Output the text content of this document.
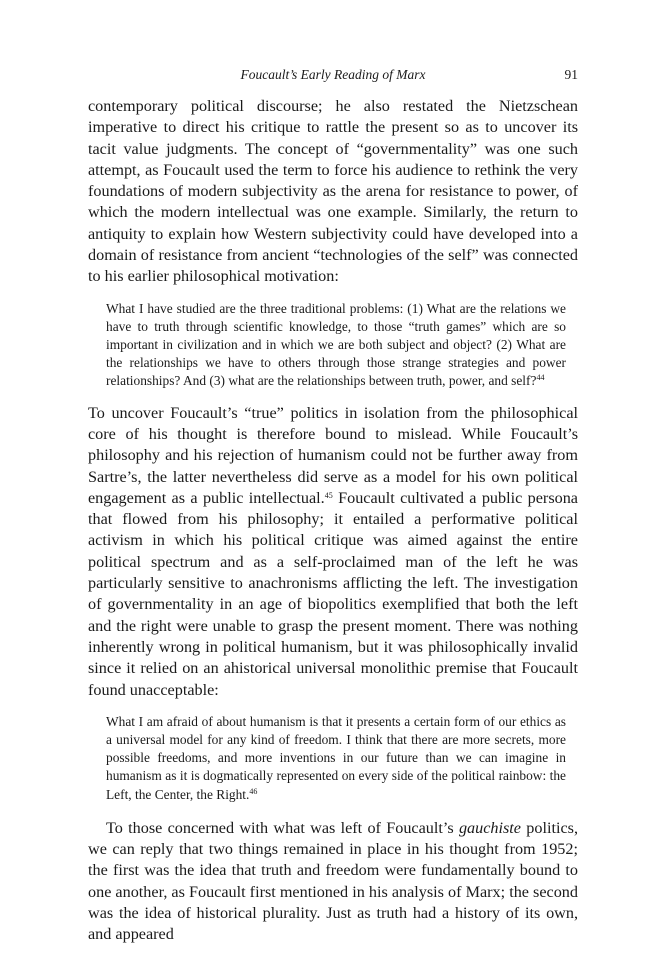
Foucault’s Early Reading of Marx	91

contemporary political discourse; he also restated the Nietzschean imperative to direct his critique to rattle the present so as to uncover its tacit value judgments. The concept of “governmentality” was one such attempt, as Foucault used the term to force his audience to rethink the very foundations of modern subjectivity as the arena for resistance to power, of which the modern intellectual was one example. Similarly, the return to antiquity to explain how Western subjectivity could have developed into a domain of resistance from ancient “technologies of the self” was connected to his earlier philosophical motivation:

What I have studied are the three traditional problems: (1) What are the relations we have to truth through scientific knowledge, to those “truth games” which are so important in civilization and in which we are both subject and object? (2) What are the relationships we have to others through those strange strategies and power relationships? And (3) what are the relationships between truth, power, and self?$^{44}$

To uncover Foucault’s “true” politics in isolation from the philosophical core of his thought is therefore bound to mislead. While Foucault’s philosophy and his rejection of humanism could not be further away from Sartre’s, the latter nevertheless did serve as a model for his own political engagement as a public intellectual.$^{45}$ Foucault cultivated a public persona that flowed from his philosophy; it entailed a performative political activism in which his political critique was aimed against the entire political spectrum and as a self-proclaimed man of the left he was particularly sensitive to anachronisms afflicting the left. The investigation of governmentality in an age of biopolitics exemplified that both the left and the right were unable to grasp the present moment. There was nothing inherently wrong in political humanism, but it was philosophically invalid since it relied on an ahistorical universal monolithic premise that Foucault found unacceptable:

What I am afraid of about humanism is that it presents a certain form of our ethics as a universal model for any kind of freedom. I think that there are more secrets, more possible freedoms, and more inventions in our future than we can imagine in humanism as it is dogmatically represented on every side of the political rainbow: the Left, the Center, the Right.$^{46}$

To those concerned with what was left of Foucault’s gauchiste politics, we can reply that two things remained in place in his thought from 1952; the first was the idea that truth and freedom were fundamentally bound to one another, as Foucault first mentioned in his analysis of Marx; the second was the idea of historical plurality. Just as truth had a history of its own, and appeared
